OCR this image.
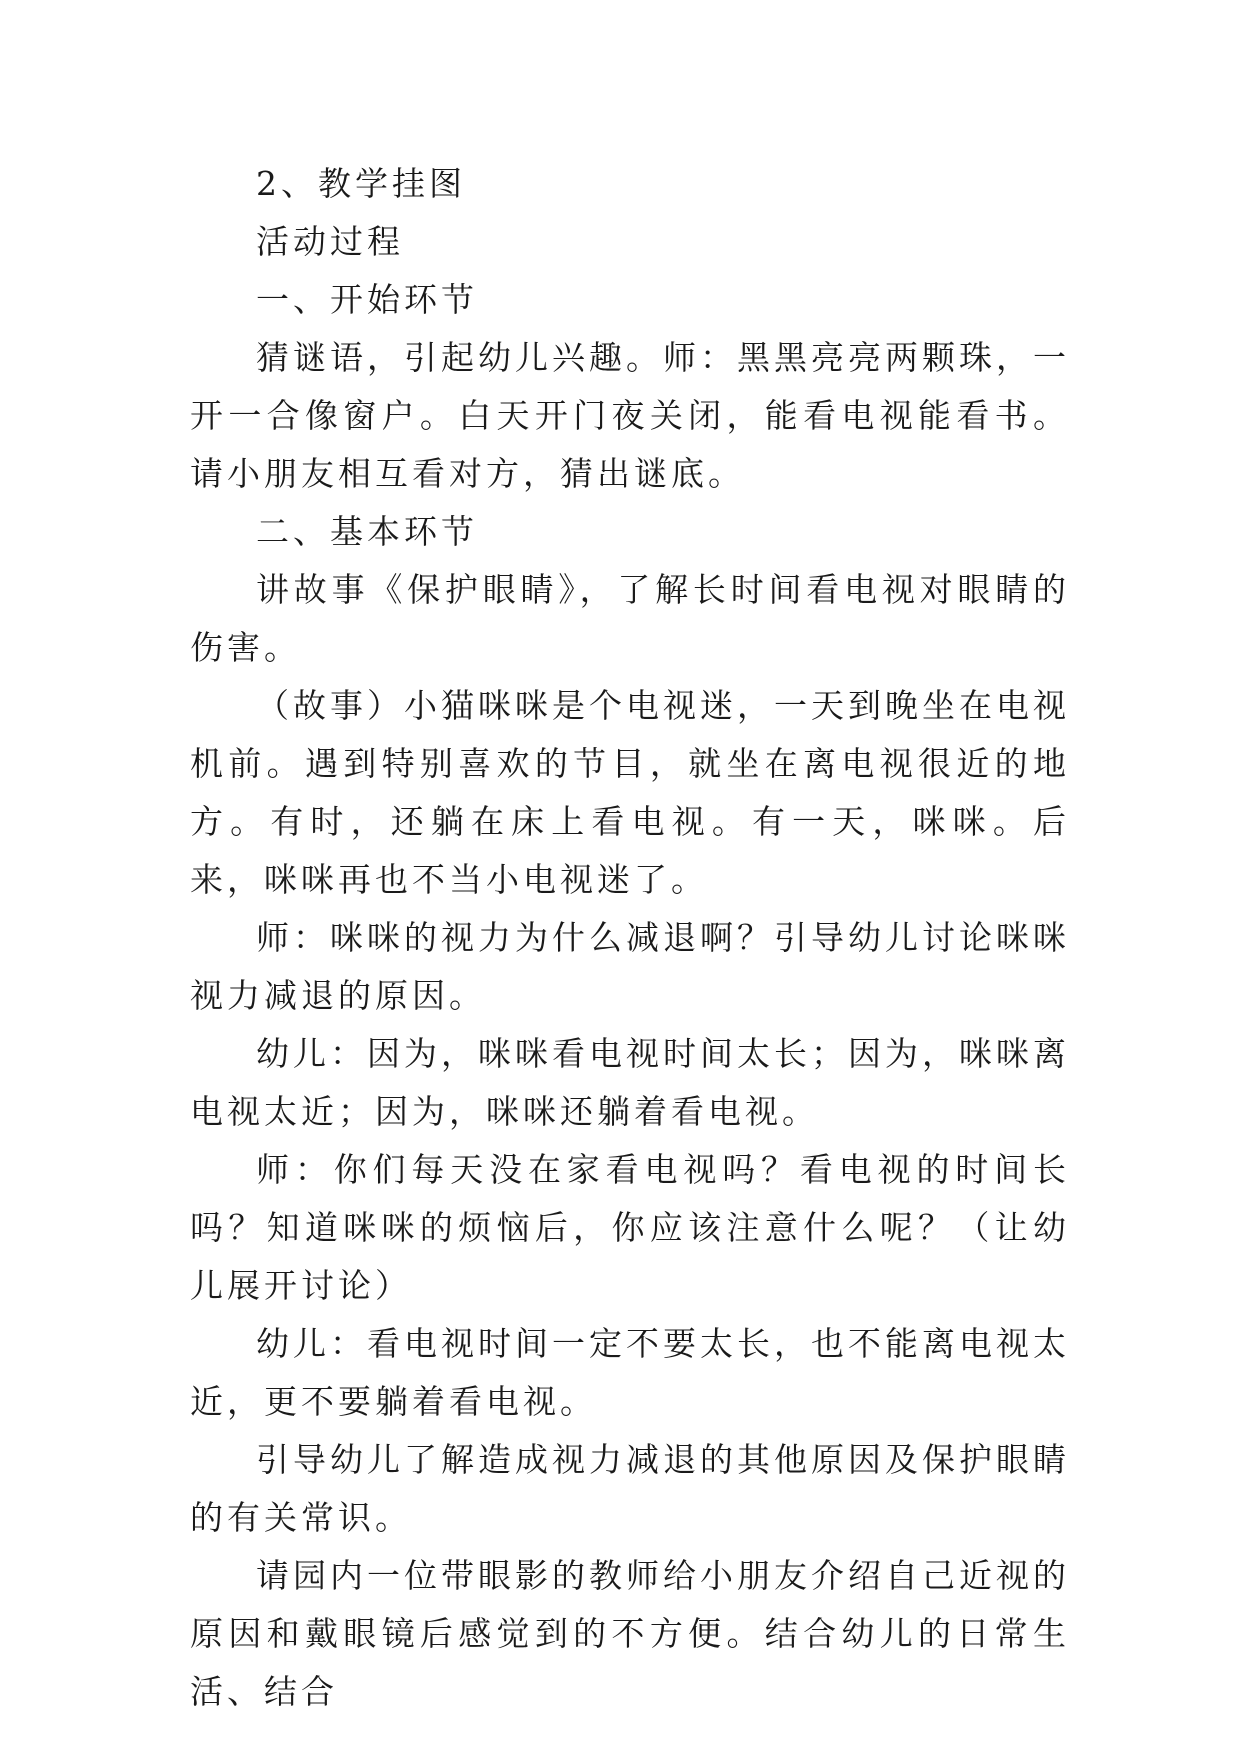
2、教学挂图

活动过程

一、开始环节

猜谜语，引起幼儿兴趣。师：黑黑亮亮两颗珠，一开一合像窗户。白天开门夜关闭，能看电视能看书。请小朋友相互看对方，猜出谜底。

二、基本环节

讲故事《保护眼睛》，了解长时间看电视对眼睛的伤害。

（故事）小猫咪咪是个电视迷，一天到晚坐在电视机前。遇到特别喜欢的节目，就坐在离电视很近的地方。有时，还躺在床上看电视。有一天，咪咪。后来，咪咪再也不当小电视迷了。

师：咪咪的视力为什么减退啊？引导幼儿讨论咪咪视力减退的原因。

幼儿：因为，咪咪看电视时间太长；因为，咪咪离电视太近；因为，咪咪还躺着看电视。

师：你们每天没在家看电视吗？看电视的时间长吗？知道咪咪的烦恼后，你应该注意什么呢？（让幼儿展开讨论）

幼儿：看电视时间一定不要太长，也不能离电视太近，更不要躺着看电视。

引导幼儿了解造成视力减退的其他原因及保护眼睛的有关常识。

请园内一位带眼影的教师给小朋友介绍自己近视的原因和戴眼镜后感觉到的不方便。结合幼儿的日常生活、结合
